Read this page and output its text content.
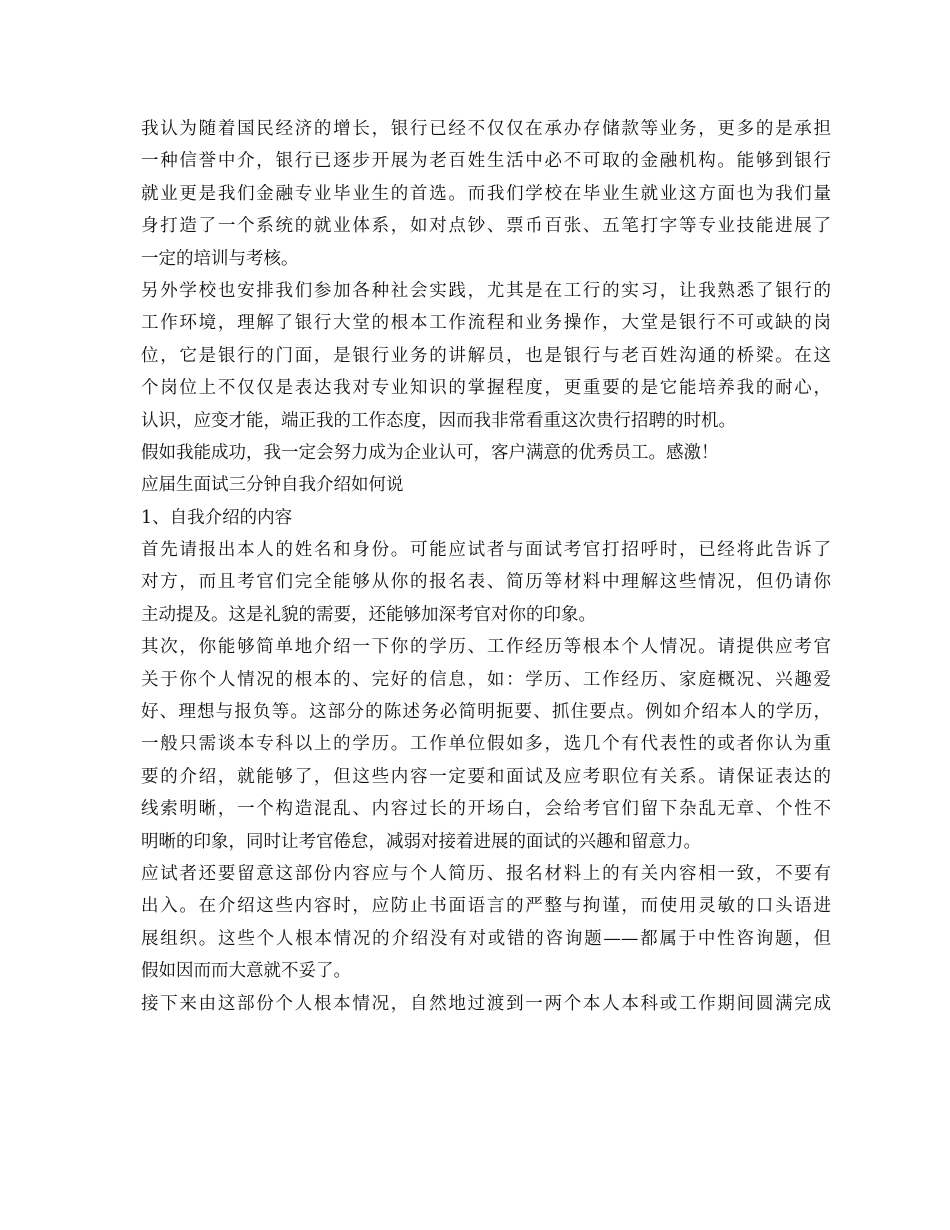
我认为随着国民经济的增长，银行已经不仅仅在承办存储款等业务，更多的是承担
一种信誉中介，银行已逐步开展为老百姓生活中必不可取的金融机构。能够到银行
就业更是我们金融专业毕业生的首选。而我们学校在毕业生就业这方面也为我们量
身打造了一个系统的就业体系，如对点钞、票币百张、五笔打字等专业技能进展了
一定的培训与考核。
另外学校也安排我们参加各种社会实践，尤其是在工行的实习，让我熟悉了银行的
工作环境，理解了银行大堂的根本工作流程和业务操作，大堂是银行不可或缺的岗
位，它是银行的门面，是银行业务的讲解员，也是银行与老百姓沟通的桥梁。在这
个岗位上不仅仅是表达我对专业知识的掌握程度，更重要的是它能培养我的耐心，
认识，应变才能，端正我的工作态度，因而我非常看重这次贵行招聘的时机。
假如我能成功，我一定会努力成为企业认可，客户满意的优秀员工。感激！
应届生面试三分钟自我介绍如何说
1、自我介绍的内容
首先请报出本人的姓名和身份。可能应试者与面试考官打招呼时，已经将此告诉了
对方，而且考官们完全能够从你的报名表、简历等材料中理解这些情况，但仍请你
主动提及。这是礼貌的需要，还能够加深考官对你的印象。
其次，你能够简单地介绍一下你的学历、工作经历等根本个人情况。请提供应考官
关于你个人情况的根本的、完好的信息，如：学历、工作经历、家庭概况、兴趣爱
好、理想与报负等。这部分的陈述务必简明扼要、抓住要点。例如介绍本人的学历，
一般只需谈本专科以上的学历。工作单位假如多，选几个有代表性的或者你认为重
要的介绍，就能够了，但这些内容一定要和面试及应考职位有关系。请保证表达的
线索明晰，一个构造混乱、内容过长的开场白，会给考官们留下杂乱无章、个性不
明晰的印象，同时让考官倦怠，减弱对接着进展的面试的兴趣和留意力。
应试者还要留意这部份内容应与个人简历、报名材料上的有关内容相一致，不要有
出入。在介绍这些内容时，应防止书面语言的严整与拘谨，而使用灵敏的口头语进
展组织。这些个人根本情况的介绍没有对或错的咨询题——都属于中性咨询题，但
假如因而而大意就不妥了。
接下来由这部份个人根本情况，自然地过渡到一两个本人本科或工作期间圆满完成
